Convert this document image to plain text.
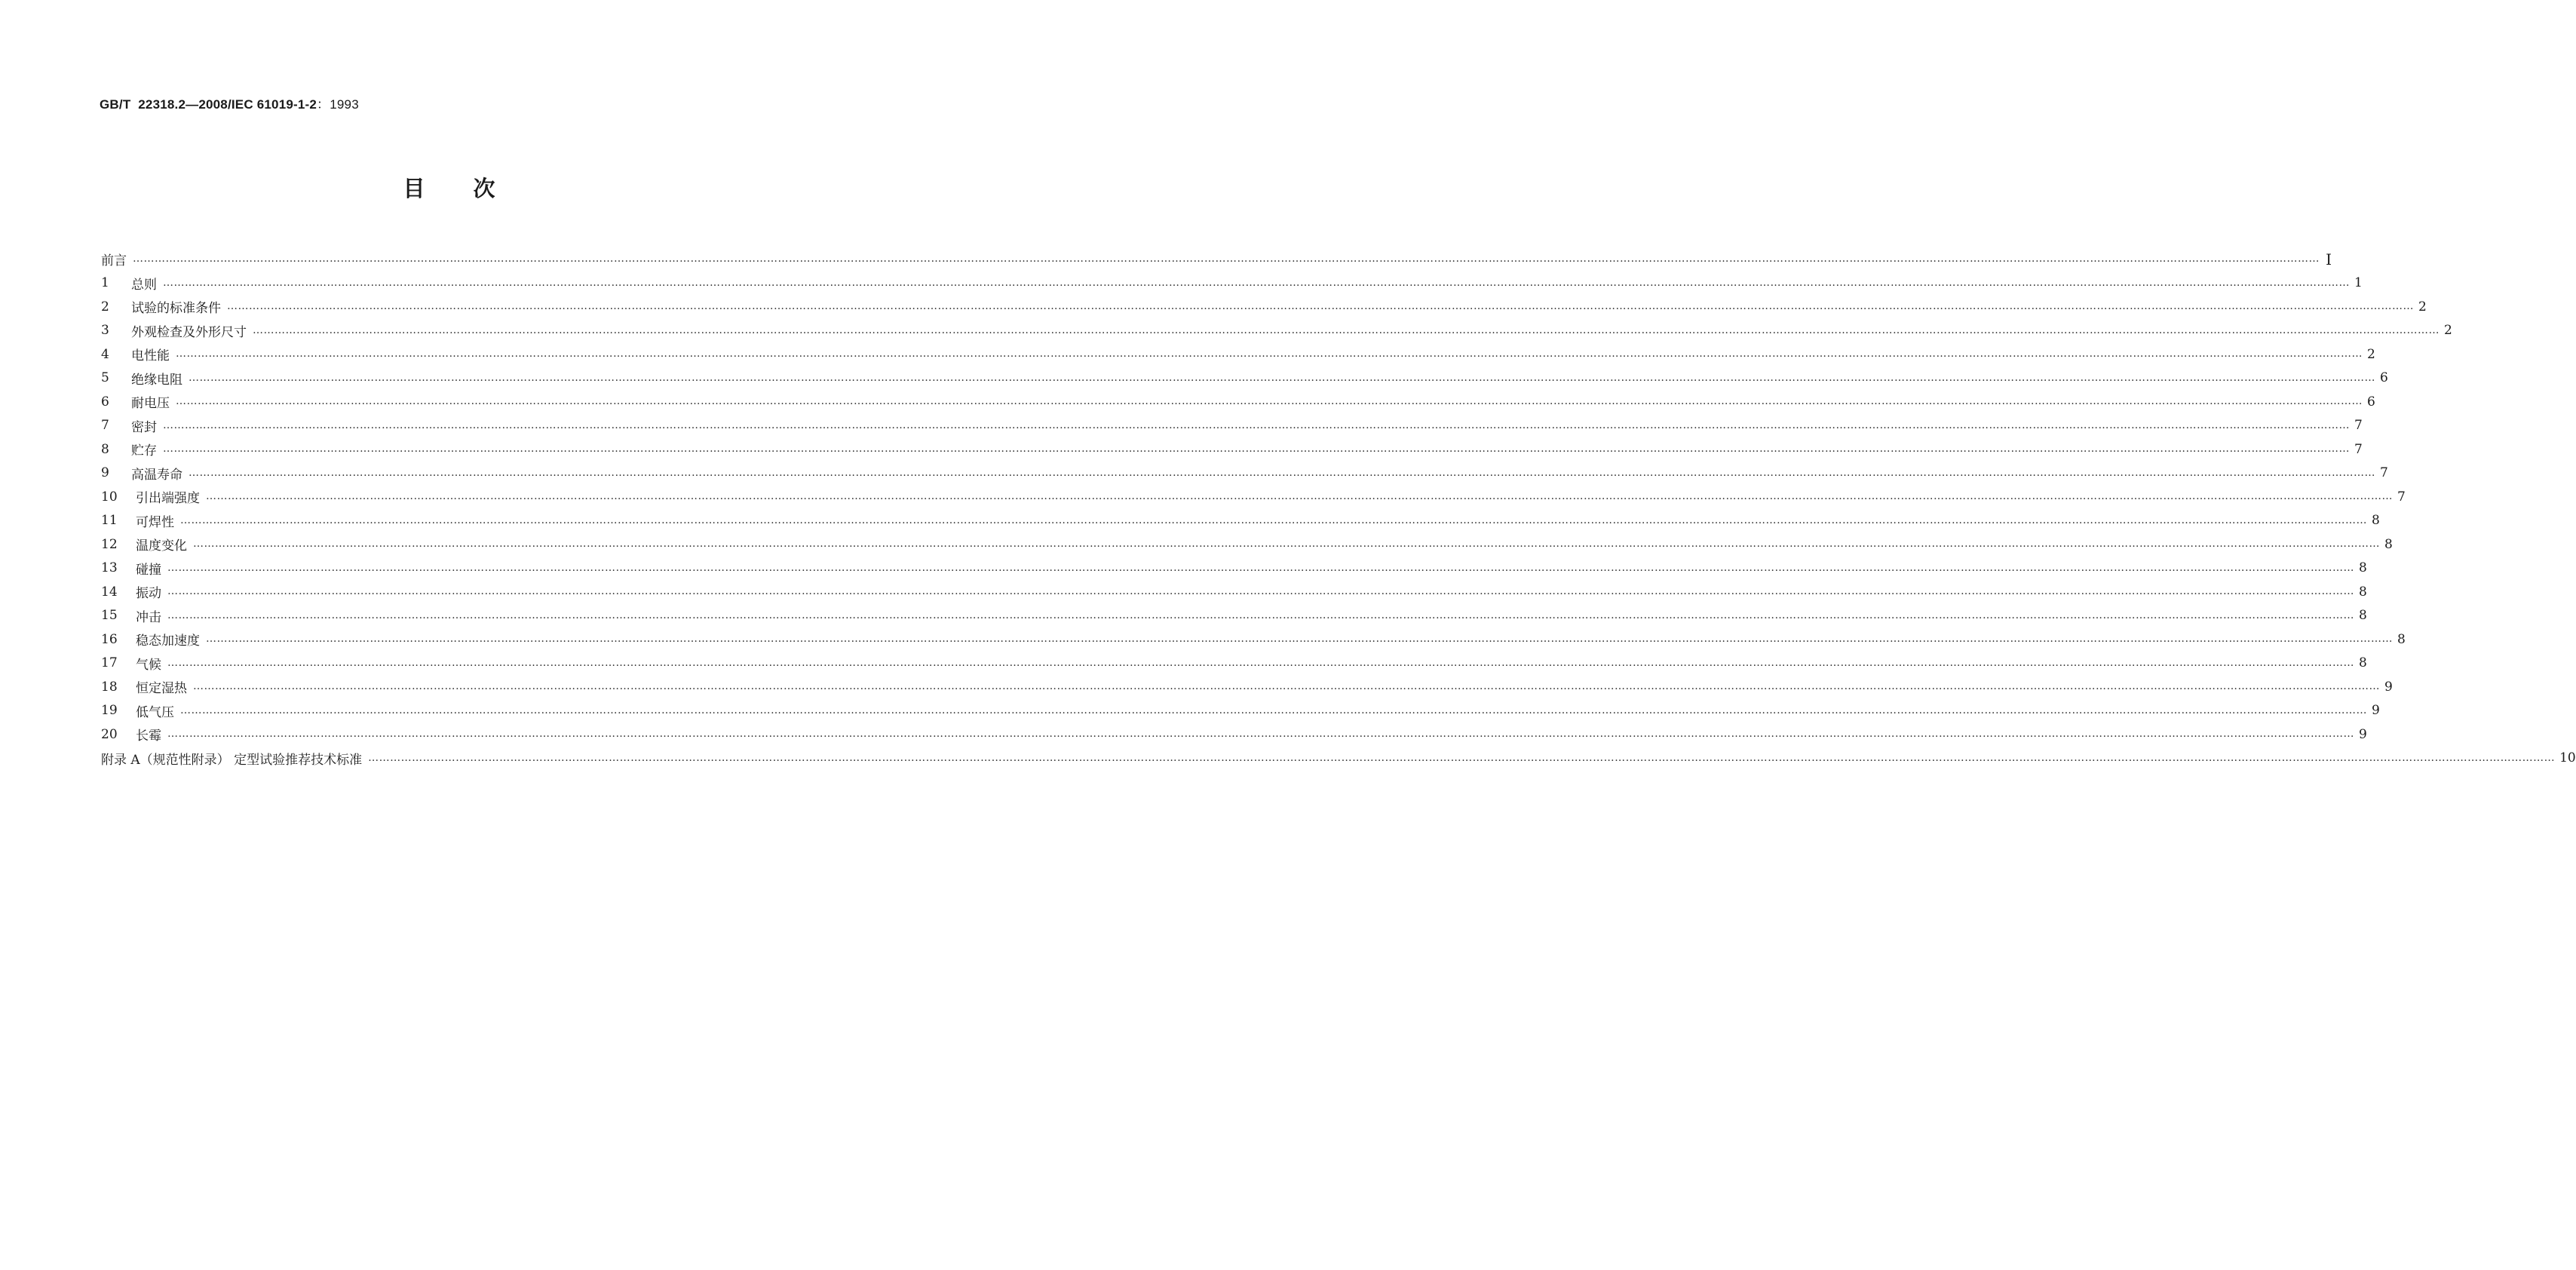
GB/T 22318.2—2008/IEC 61019-1-2：1993
目次
前言 …………………………………………………………………………………………………………………………………………………………………………………………………………………………………………………………………………………………………………………………………………………………………………………………………………………………………………………………………………………………………………………………………………………… Ⅰ
1	总则 …………………………………………………………………………………………………………………………………………………………………………………………………………………………………………………………………………………………………………………………………………………………………………………………………………………………………………………………………………………………………………………………………………………… 1
2	试验的标准条件 …………………………………………………………………………………………………………………………………………………………………………………………………………………………………………………………………………………………………………………………………………………………………………………………………………………………………………………………………………………………………………………………………………………… 2
3	外观检查及外形尺寸 …………………………………………………………………………………………………………………………………………………………………………………………………………………………………………………………………………………………………………………………………………………………………………………………………………………………………………………………………………………………………………………………………………………… 2
4	电性能 …………………………………………………………………………………………………………………………………………………………………………………………………………………………………………………………………………………………………………………………………………………………………………………………………………………………………………………………………………………………………………………………………………………… 2
5	绝缘电阻 …………………………………………………………………………………………………………………………………………………………………………………………………………………………………………………………………………………………………………………………………………………………………………………………………………………………………………………………………………………………………………………………………………………… 6
6	耐电压 …………………………………………………………………………………………………………………………………………………………………………………………………………………………………………………………………………………………………………………………………………………………………………………………………………………………………………………………………………………………………………………………………………………… 6
7	密封 …………………………………………………………………………………………………………………………………………………………………………………………………………………………………………………………………………………………………………………………………………………………………………………………………………………………………………………………………………………………………………………………………………………… 7
8	贮存 …………………………………………………………………………………………………………………………………………………………………………………………………………………………………………………………………………………………………………………………………………………………………………………………………………………………………………………………………………………………………………………………………………………… 7
9	高温寿命 …………………………………………………………………………………………………………………………………………………………………………………………………………………………………………………………………………………………………………………………………………………………………………………………………………………………………………………………………………………………………………………………………………………… 7
10	引出端强度 …………………………………………………………………………………………………………………………………………………………………………………………………………………………………………………………………………………………………………………………………………………………………………………………………………………………………………………………………………………………………………………………………………………… 7
11	可焊性 …………………………………………………………………………………………………………………………………………………………………………………………………………………………………………………………………………………………………………………………………………………………………………………………………………………………………………………………………………………………………………………………………………………… 8
12	温度变化 …………………………………………………………………………………………………………………………………………………………………………………………………………………………………………………………………………………………………………………………………………………………………………………………………………………………………………………………………………………………………………………………………………………… 8
13	碰撞 …………………………………………………………………………………………………………………………………………………………………………………………………………………………………………………………………………………………………………………………………………………………………………………………………………………………………………………………………………………………………………………………………………………… 8
14	振动 …………………………………………………………………………………………………………………………………………………………………………………………………………………………………………………………………………………………………………………………………………………………………………………………………………………………………………………………………………………………………………………………………………………… 8
15	冲击 …………………………………………………………………………………………………………………………………………………………………………………………………………………………………………………………………………………………………………………………………………………………………………………………………………………………………………………………………………………………………………………………………………………… 8
16	稳态加速度 …………………………………………………………………………………………………………………………………………………………………………………………………………………………………………………………………………………………………………………………………………………………………………………………………………………………………………………………………………………………………………………………………………………… 8
17	气候 …………………………………………………………………………………………………………………………………………………………………………………………………………………………………………………………………………………………………………………………………………………………………………………………………………………………………………………………………………………………………………………………………………………… 8
18	恒定湿热 …………………………………………………………………………………………………………………………………………………………………………………………………………………………………………………………………………………………………………………………………………………………………………………………………………………………………………………………………………………………………………………………………………………… 9
19	低气压 …………………………………………………………………………………………………………………………………………………………………………………………………………………………………………………………………………………………………………………………………………………………………………………………………………………………………………………………………………………………………………………………………………………… 9
20	长霉 …………………………………………………………………………………………………………………………………………………………………………………………………………………………………………………………………………………………………………………………………………………………………………………………………………………………………………………………………………………………………………………………………………………… 9
附录 A（规范性附录） 定型试验推荐技术标准 …………………………………………………………………………………………………………………………………………………………………………………………………………………………………………………………………………………………………………………………………………………………………………………………………………………………………………………………………………………………………………………………………………………… 10
